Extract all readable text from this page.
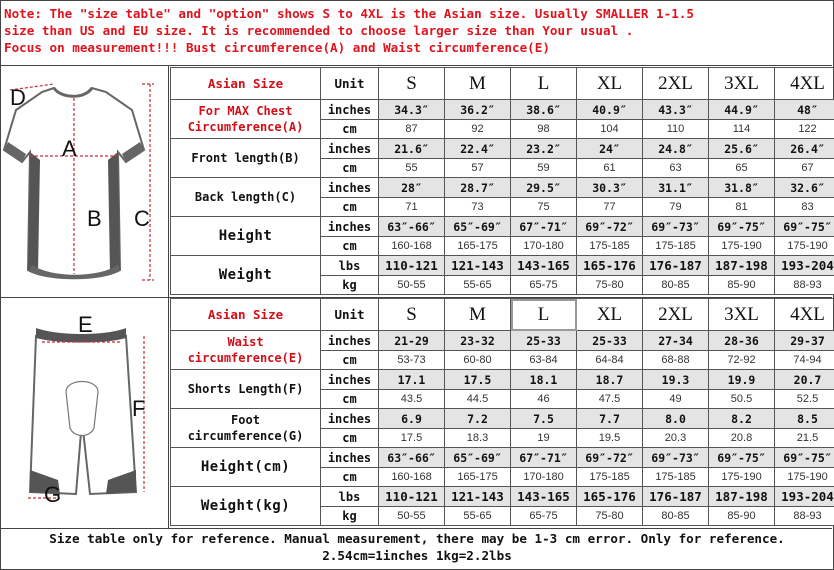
Note: The "size table" and "option" shows S to 4XL is the Asian size. Usually SMALLER 1-1.5
size than US and EU size. It is recommended to choose larger size than Your usual .
Focus on measurement!!! Bust circumference(A) and Waist circumference(E)
D
A
B C
E
F
G
Asian Size	Unit	S	M	L	XL	2XL	3XL	4XL
For MAX Chest Circumference(A)	inches	34.3″	36.2″	38.6″	40.9″	43.3″	44.9″	48″
	cm	87	92	98	104	110	114	122
Front length(B)	inches	21.6″	22.4″	23.2″	24″	24.8″	25.6″	26.4″
	cm	55	57	59	61	63	65	67
Back length(C)	inches	28″	28.7″	29.5″	30.3″	31.1″	31.8″	32.6″
	cm	71	73	75	77	79	81	83
Height	inches	63″-66″	65″-69″	67″-71″	69″-72″	69″-73″	69″-75″	69″-75″
	cm	160-168	165-175	170-180	175-185	175-185	175-190	175-190
Weight	lbs	110-121	121-143	143-165	165-176	176-187	187-198	193-204
	kg	50-55	55-65	65-75	75-80	80-85	85-90	88-93
Asian Size	Unit	S	M	L	XL	2XL	3XL	4XL
Waist circumference(E)	inches	21-29	23-32	25-33	25-33	27-34	28-36	29-37
	cm	53-73	60-80	63-84	64-84	68-88	72-92	74-94
Shorts Length(F)	inches	17.1	17.5	18.1	18.7	19.3	19.9	20.7
	cm	43.5	44.5	46	47.5	49	50.5	52.5
Foot circumference(G)	inches	6.9	7.2	7.5	7.7	8.0	8.2	8.5
	cm	17.5	18.3	19	19.5	20.3	20.8	21.5
Height(cm)	inches	63″-66″	65″-69″	67″-71″	69″-72″	69″-73″	69″-75″	69″-75″
	cm	160-168	165-175	170-180	175-185	175-185	175-190	175-190
Weight(kg)	lbs	110-121	121-143	143-165	165-176	176-187	187-198	193-204
	kg	50-55	55-65	65-75	75-80	80-85	85-90	88-93
Size table only for reference. Manual measurement, there may be 1-3 cm error. Only for reference.
2.54cm=1inches 1kg=2.2lbs
